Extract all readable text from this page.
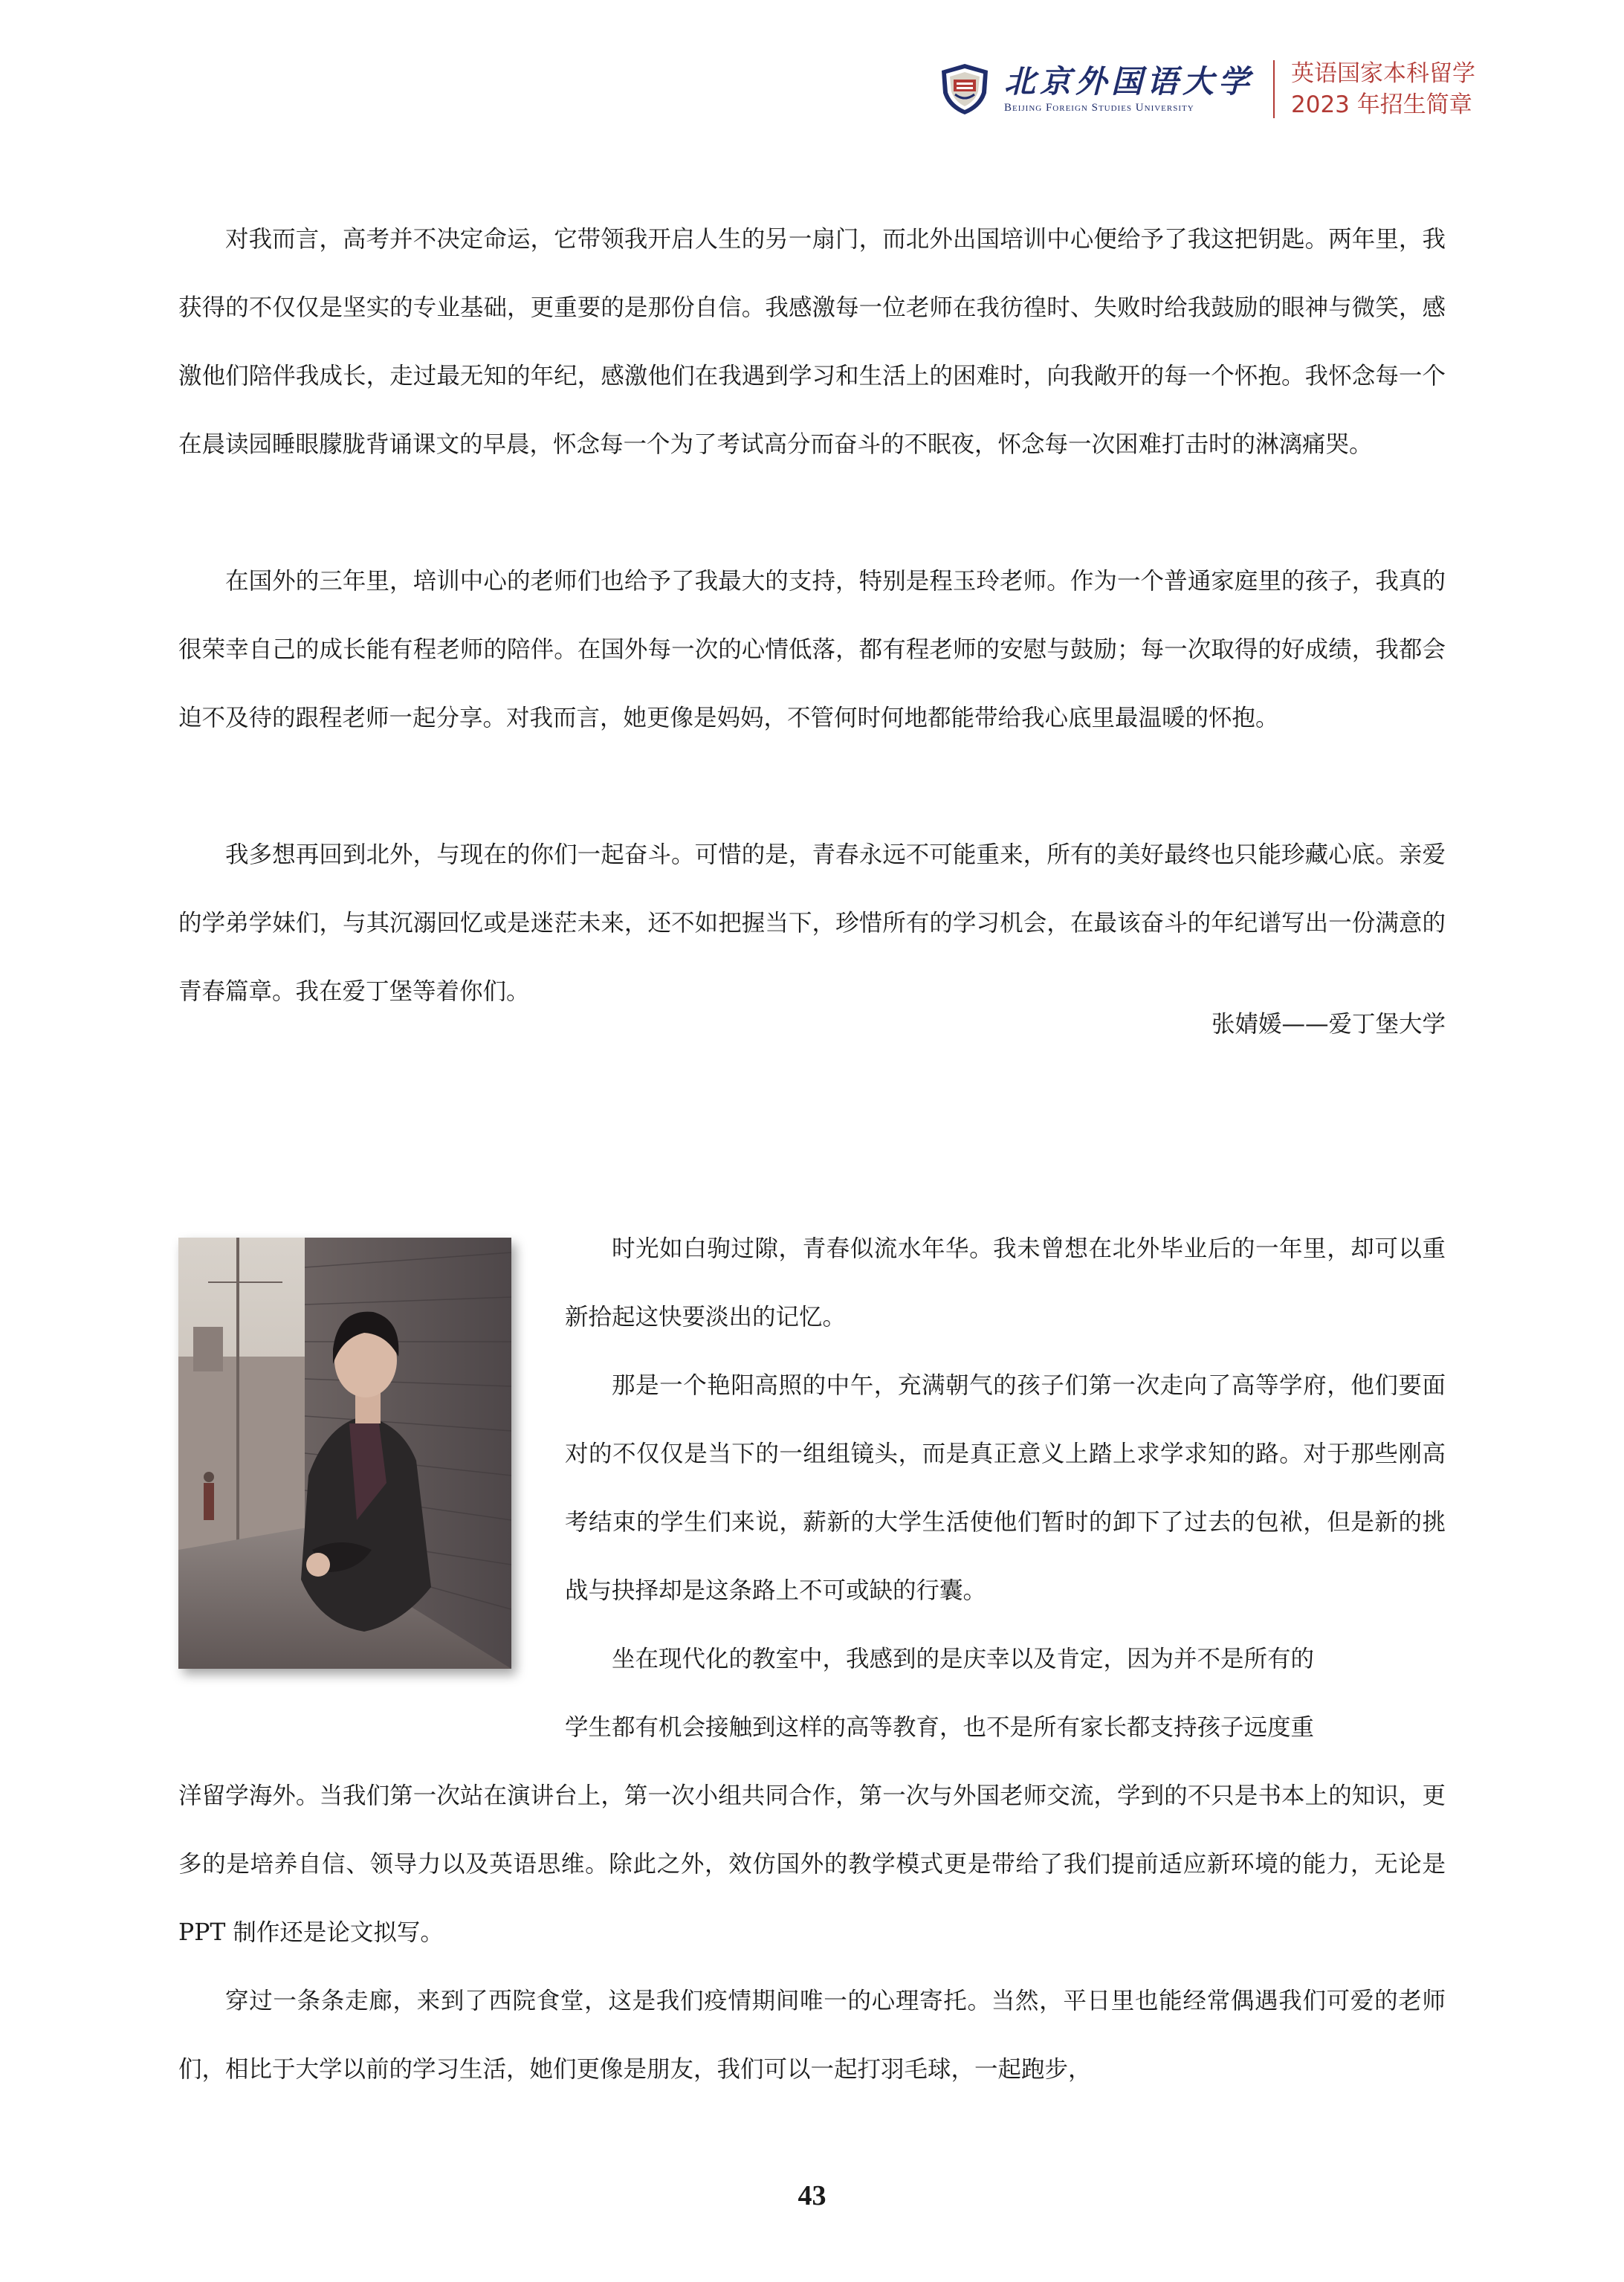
北京外国语大学
Beijing Foreign Studies University
英语国家本科留学
2023 年招生简章

对我而言，高考并不决定命运，它带领我开启人生的另一扇门，而北外出国培训中心便给予了我这把钥匙。两年里，我获得的不仅仅是坚实的专业基础，更重要的是那份自信。我感激每一位老师在我彷徨时、失败时给我鼓励的眼神与微笑，感激他们陪伴我成长，走过最无知的年纪，感激他们在我遇到学习和生活上的困难时，向我敞开的每一个怀抱。我怀念每一个在晨读园睡眼朦胧背诵课文的早晨，怀念每一个为了考试高分而奋斗的不眠夜，怀念每一次困难打击时的淋漓痛哭。

在国外的三年里，培训中心的老师们也给予了我最大的支持，特别是程玉玲老师。作为一个普通家庭里的孩子，我真的很荣幸自己的成长能有程老师的陪伴。在国外每一次的心情低落，都有程老师的安慰与鼓励；每一次取得的好成绩，我都会迫不及待的跟程老师一起分享。对我而言，她更像是妈妈，不管何时何地都能带给我心底里最温暖的怀抱。

我多想再回到北外，与现在的你们一起奋斗。可惜的是，青春永远不可能重来，所有的美好最终也只能珍藏心底。亲爱的学弟学妹们，与其沉溺回忆或是迷茫未来，还不如把握当下，珍惜所有的学习机会，在最该奋斗的年纪谱写出一份满意的青春篇章。我在爱丁堡等着你们。

张婧媛——爱丁堡大学

时光如白驹过隙，青春似流水年华。我未曾想在北外毕业后的一年里，却可以重新拾起这快要淡出的记忆。

那是一个艳阳高照的中午，充满朝气的孩子们第一次走向了高等学府，他们要面对的不仅仅是当下的一组组镜头，而是真正意义上踏上求学求知的路。对于那些刚高考结束的学生们来说，薪新的大学生活使他们暂时的卸下了过去的包袱，但是新的挑战与抉择却是这条路上不可或缺的行囊。

坐在现代化的教室中，我感到的是庆幸以及肯定，因为并不是所有的

学生都有机会接触到这样的高等教育，也不是所有家长都支持孩子远度重

洋留学海外。当我们第一次站在演讲台上，第一次小组共同合作，第一次与外国老师交流，学到的不只是书本上的知识，更多的是培养自信、领导力以及英语思维。除此之外，效仿国外的教学模式更是带给了我们提前适应新环境的能力，无论是 PPT 制作还是论文拟写。

穿过一条条走廊，来到了西院食堂，这是我们疫情期间唯一的心理寄托。当然，平日里也能经常偶遇我们可爱的老师们，相比于大学以前的学习生活，她们更像是朋友，我们可以一起打羽毛球，一起跑步，

43
